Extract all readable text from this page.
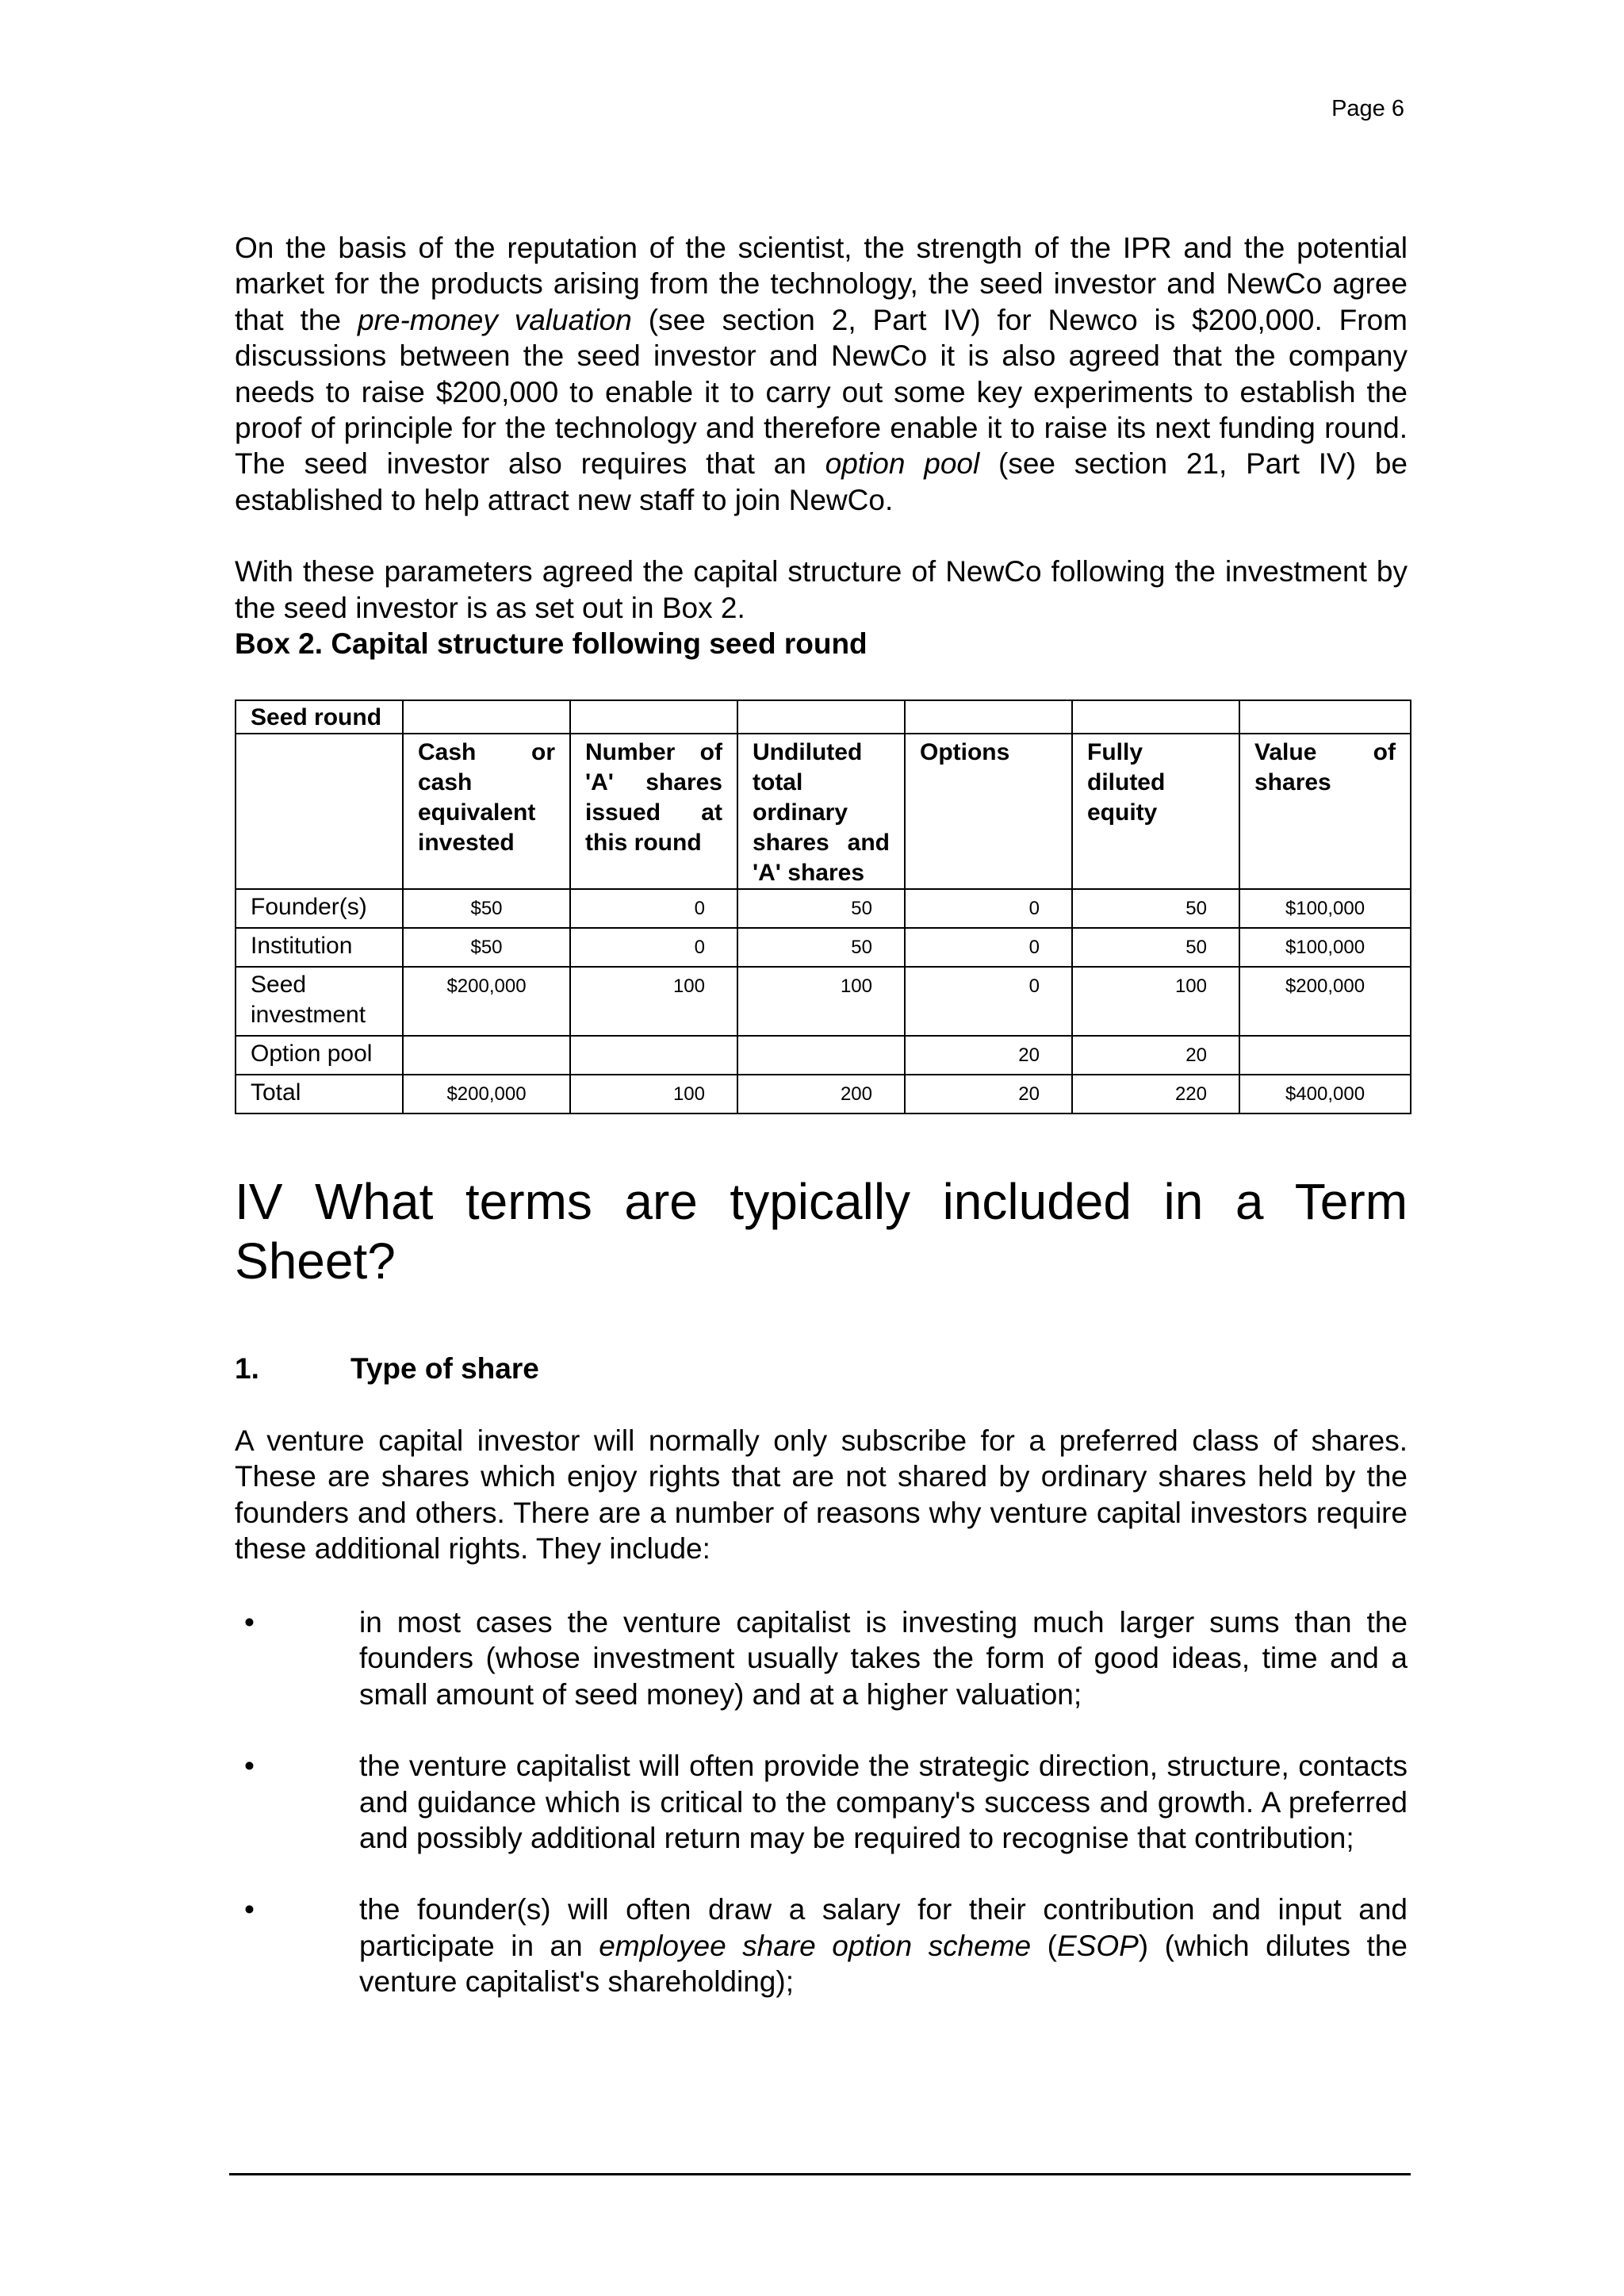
Page 6

On the basis of the reputation of the scientist, the strength of the IPR and the potential market for the products arising from the technology, the seed investor and NewCo agree that the pre-money valuation (see section 2, Part IV) for Newco is $200,000. From discussions between the seed investor and NewCo it is also agreed that the company needs to raise $200,000 to enable it to carry out some key experiments to establish the proof of principle for the technology and therefore enable it to raise its next funding round. The seed investor also requires that an option pool (see section 21, Part IV) be established to help attract new staff to join NewCo.

With these parameters agreed the capital structure of NewCo following the investment by the seed investor is as set out in Box 2.

Box 2. Capital structure following seed round

Seed round						
	Cash or cash equivalent invested	Number of 'A' shares issued at this round	Undiluted total ordinary shares and 'A' shares	Options	Fully diluted equity	Value of shares
Founder(s)	$50	0	50	0	50	$100,000
Institution	$50	0	50	0	50	$100,000
Seed investment	$200,000	100	100	0	100	$200,000
Option pool				20	20	
Total	$200,000	100	200	20	220	$400,000

IV What terms are typically included in a Term Sheet?

1.	Type of share

A venture capital investor will normally only subscribe for a preferred class of shares. These are shares which enjoy rights that are not shared by ordinary shares held by the founders and others. There are a number of reasons why venture capital investors require these additional rights. They include:

•	in most cases the venture capitalist is investing much larger sums than the founders (whose investment usually takes the form of good ideas, time and a small amount of seed money) and at a higher valuation;

•	the venture capitalist will often provide the strategic direction, structure, contacts and guidance which is critical to the company's success and growth. A preferred and possibly additional return may be required to recognise that contribution;

•	the founder(s) will often draw a salary for their contribution and input and participate in an employee share option scheme (ESOP) (which dilutes the venture capitalist's shareholding);
